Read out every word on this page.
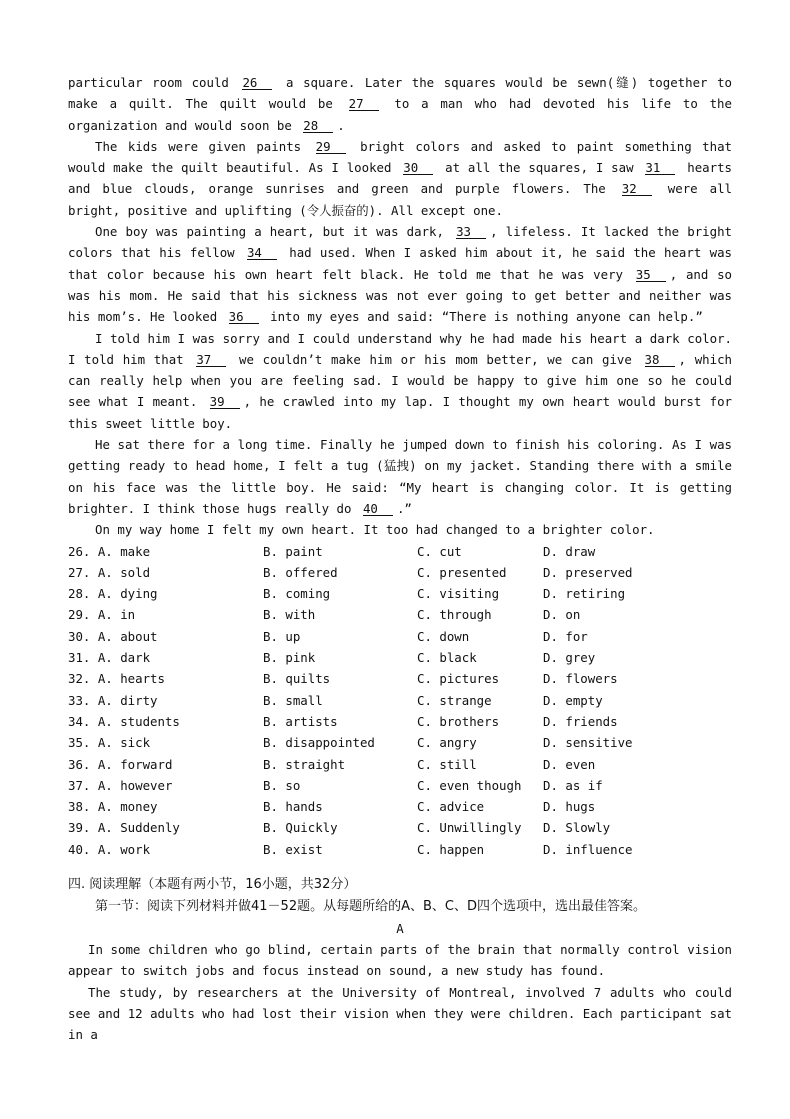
particular room could 26 a square. Later the squares would be sewn(缝) together to make a quilt. The quilt would be 27 to a man who had devoted his life to the organization and would soon be 28 .

The kids were given paints 29 bright colors and asked to paint something that would make the quilt beautiful. As I looked 30 at all the squares, I saw 31 hearts and blue clouds, orange sunrises and green and purple flowers. The 32 were all bright, positive and uplifting (令人振奋的). All except one.

One boy was painting a heart, but it was dark, 33 , lifeless. It lacked the bright colors that his fellow 34 had used. When I asked him about it, he said the heart was that color because his own heart felt black. He told me that he was very 35 , and so was his mom. He said that his sickness was not ever going to get better and neither was his mom’s. He looked 36 into my eyes and said: “There is nothing anyone can help.”

I told him I was sorry and I could understand why he had made his heart a dark color. I told him that 37 we couldn’t make him or his mom better, we can give 38 , which can really help when you are feeling sad. I would be happy to give him one so he could see what I meant. 39 , he crawled into my lap. I thought my own heart would burst for this sweet little boy.

He sat there for a long time. Finally he jumped down to finish his coloring. As I was getting ready to head home, I felt a tug (猛拽) on my jacket. Standing there with a smile on his face was the little boy. He said: “My heart is changing color. It is getting brighter. I think those hugs really do 40 .”

On my way home I felt my own heart. It too had changed to a brighter color.

26. A. make	B. paint	C. cut	D. draw
27. A. sold	B. offered	C. presented	D. preserved
28. A. dying	B. coming	C. visiting	D. retiring
29. A. in	B. with	C. through	D. on
30. A. about	B. up	C. down	D. for
31. A. dark	B. pink	C. black	D. grey
32. A. hearts	B. quilts	C. pictures	D. flowers
33. A. dirty	B. small	C. strange	D. empty
34. A. students	B. artists	C. brothers	D. friends
35. A. sick	B. disappointed	C. angry	D. sensitive
36. A. forward	B. straight	C. still	D. even
37. A. however	B. so	C. even though	D. as if
38. A. money	B. hands	C. advice	D. hugs
39. A. Suddenly	B. Quickly	C. Unwillingly	D. Slowly
40. A. work	B. exist	C. happen	D. influence
四. 阅读理解（本题有两小节，16小题，共32分）
第一节：阅读下列材料并做41－52题。从每题所给的A、B、C、D四个选项中，选出最佳答案。
A

In some children who go blind, certain parts of the brain that normally control vision appear to switch jobs and focus instead on sound, a new study has found.

The study, by researchers at the University of Montreal, involved 7 adults who could see and 12 adults who had lost their vision when they were children. Each participant sat in a
